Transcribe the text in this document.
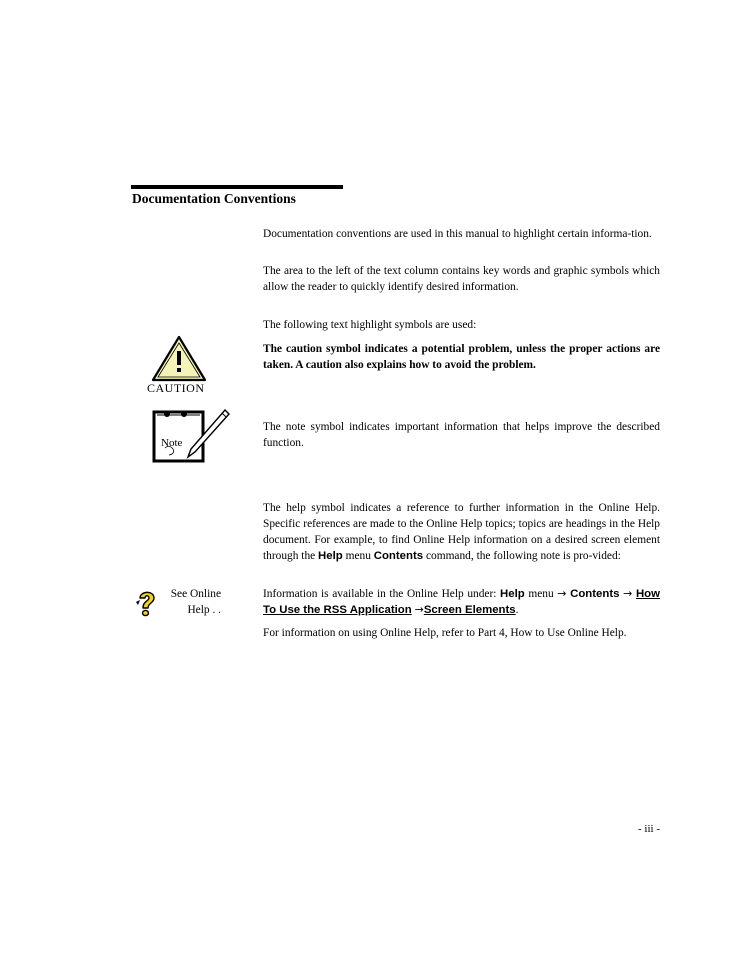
Documentation Conventions

Documentation conventions are used in this manual to highlight certain informa-tion.

The area to the left of the text column contains key words and graphic symbols which allow the reader to quickly identify desired information.

The following text highlight symbols are used:

CAUTION

The caution symbol indicates a potential problem, unless the proper actions are taken. A caution also explains how to avoid the problem.

Note

The note symbol indicates important information that helps improve the described function.

The help symbol indicates a reference to further information in the Online Help. Specific references are made to the Online Help topics; topics are headings in the Help document. For example, to find Online Help information on a desired screen element through the Help menu Contents command, the following note is pro-vided:

See Online Help . .

Information is available in the Online Help under: Help menu → Contents → How To Use the RSS Application →Screen Elements.

For information on using Online Help, refer to Part 4, How to Use Online Help.

- iii -
